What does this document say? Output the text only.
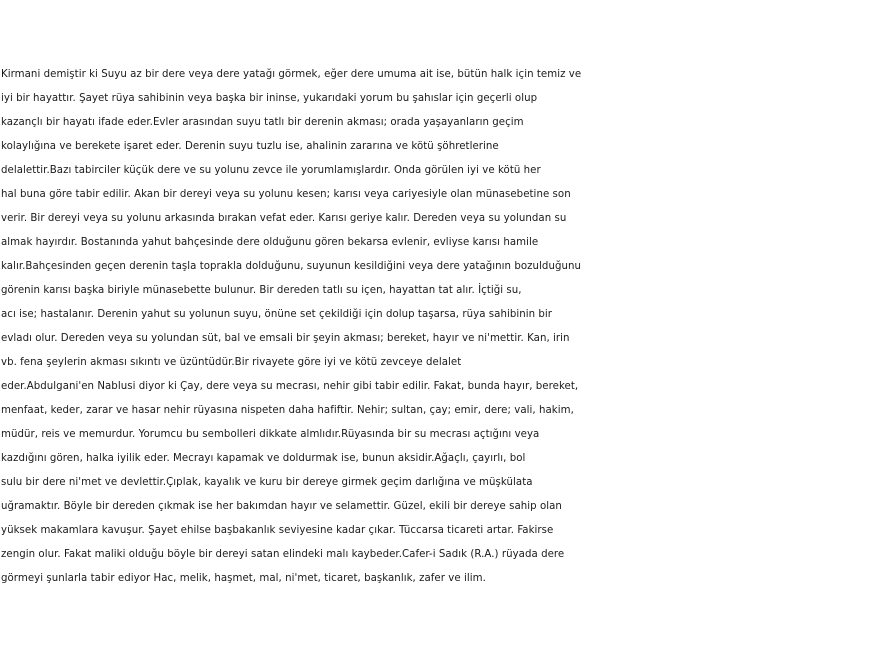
Kirmani demiştir ki Suyu az bir dere veya dere yatağı görmek, eğer dere umuma ait ise, bütün halk için temiz ve

iyi bir hayattır. Şayet rüya sahibinin veya başka bir ininse, yukarıdaki yorum bu şahıslar için geçerli olup

kazançlı bir hayatı ifade eder.Evler arasından suyu tatlı bir derenin akması; orada yaşayanların geçim

kolaylığına ve berekete işaret eder. Derenin suyu tuzlu ise, ahalinin zararına ve kötü şöhretlerine

delalettir.Bazı tabirciler küçük dere ve su yolunu zevce ile yorumlamışlardır. Onda görülen iyi ve kötü her

hal buna göre tabir edilir. Akan bir dereyi veya su yolunu kesen; karısı veya cariyesiyle olan münasebetine son

verir. Bir dereyi veya su yolunu arkasında bırakan vefat eder. Karısı geriye kalır. Dereden veya su yolundan su

almak hayırdır. Bostanında yahut bahçesinde dere olduğunu gören bekarsa evlenir, evliyse karısı hamile

kalır.Bahçesinden geçen derenin taşla toprakla dolduğunu, suyunun kesildiğini veya dere yatağının bozulduğunu

görenin karısı başka biriyle münasebette bulunur. Bir dereden tatlı su içen, hayattan tat alır. İçtiği su,

acı ise; hastalanır. Derenin yahut su yolunun suyu, önüne set çekildiği için dolup taşarsa, rüya sahibinin bir

evladı olur. Dereden veya su yolundan süt, bal ve emsali bir şeyin akması; bereket, hayır ve ni'mettir. Kan, irin

vb. fena şeylerin akması sıkıntı ve üzüntüdür.Bir rivayete göre iyi ve kötü zevceye delalet

eder.Abdulgani'en Nablusi diyor ki Çay, dere veya su mecrası, nehir gibi tabir edilir. Fakat, bunda hayır, bereket,

menfaat, keder, zarar ve hasar nehir rüyasına nispeten daha hafiftir. Nehir; sultan, çay; emir, dere; vali, hakim,

müdür, reis ve memurdur. Yorumcu bu sembolleri dikkate almlıdır.Rüyasında bir su mecrası açtığını veya

kazdığını gören, halka iyilik eder. Mecrayı kapamak ve doldurmak ise, bunun aksidir.Ağaçlı, çayırlı, bol

sulu bir dere ni'met ve devlettir.Çıplak, kayalık ve kuru bir dereye girmek geçim darlığına ve müşkülata

uğramaktır. Böyle bir dereden çıkmak ise her bakımdan hayır ve selamettir. Güzel, ekili bir dereye sahip olan

yüksek makamlara kavuşur. Şayet ehilse başbakanlık seviyesine kadar çıkar. Tüccarsa ticareti artar. Fakirse

zengin olur. Fakat maliki olduğu böyle bir dereyi satan elindeki malı kaybeder.Cafer-i Sadık (R.A.) rüyada dere

görmeyi şunlarla tabir ediyor Hac, melik, haşmet, mal, ni'met, ticaret, başkanlık, zafer ve ilim.
